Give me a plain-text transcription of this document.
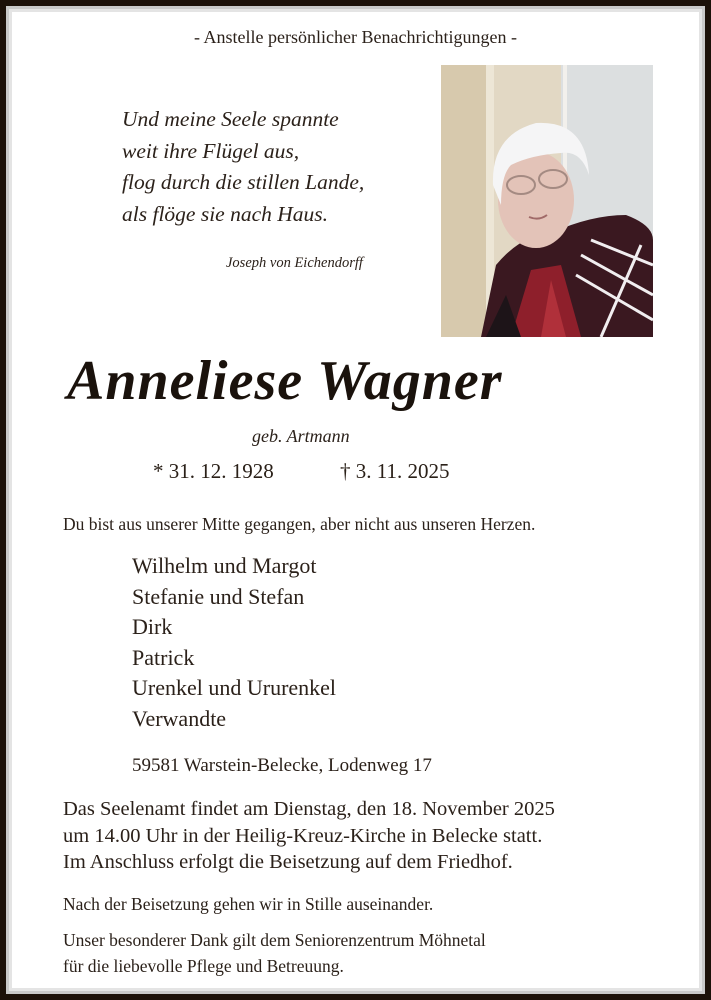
- Anstelle persönlicher Benachrichtigungen -
Und meine Seele spannte
weit ihre Flügel aus,
flog durch die stillen Lande,
als flöge sie nach Haus.
Joseph von Eichendorff
Anneliese Wagner
geb. Artmann
* 31. 12. 1928	† 3. 11. 2025
Du bist aus unserer Mitte gegangen, aber nicht aus unseren Herzen.
Wilhelm und Margot
Stefanie und Stefan
Dirk
Patrick
Urenkel und Ururenkel
Verwandte
59581 Warstein-Belecke, Lodenweg 17
Das Seelenamt findet am Dienstag, den 18. November 2025
um 14.00 Uhr in der Heilig-Kreuz-Kirche in Belecke statt.
Im Anschluss erfolgt die Beisetzung auf dem Friedhof.
Nach der Beisetzung gehen wir in Stille auseinander.
Unser besonderer Dank gilt dem Seniorenzentrum Möhnetal
für die liebevolle Pflege und Betreuung.
